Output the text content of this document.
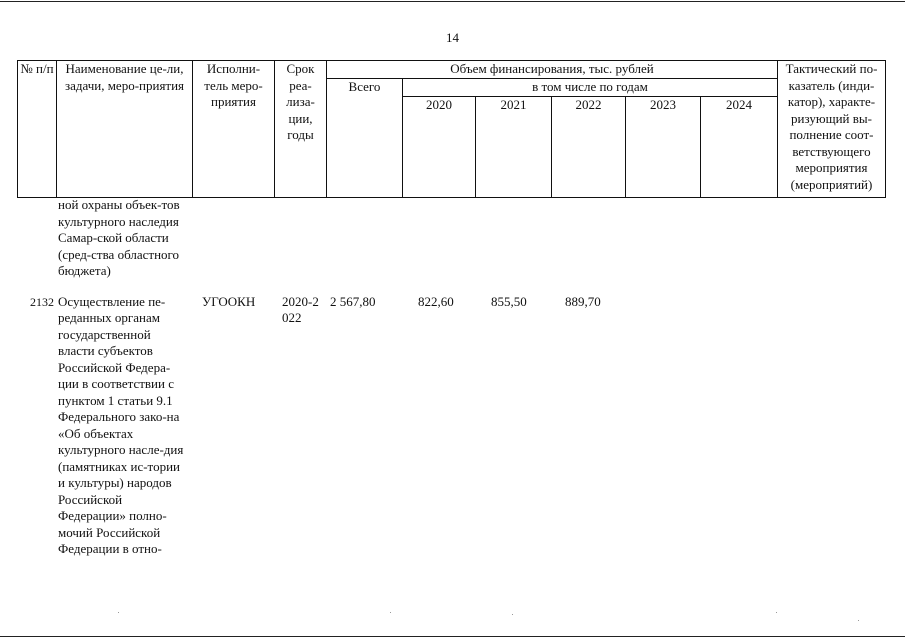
14
№ п/п	Наименование це-ли, задачи, меро-приятия	Исполни-тель меро-приятия	Срок реа-лиза-ции, годы	Объем финансирования, тыс. рублей						Тактический по-казатель (инди-катор), характе-ризующий вы-полнение соот-ветствующего мероприятия (мероприятий)
				Всего	в том числе по годам					
					2020	2021	2022	2023	2024	
	ной охраны объек-тов культурного наследия Самар-ской области (сред-ства областного бюджета)									
2132	Осуществление пе-реданных органам государственной власти субъектов Российской Федера-ции в соответствии с пунктом 1 статьи 9.1 Федерального зако-на «Об объектах культурного насле-дия (памятниках ис-тории и культуры) народов Российской Федерации» полно-мочий Российской Федерации в отно-	УГООКН	2020-2022	2 567,80	822,60	855,50	889,70			
